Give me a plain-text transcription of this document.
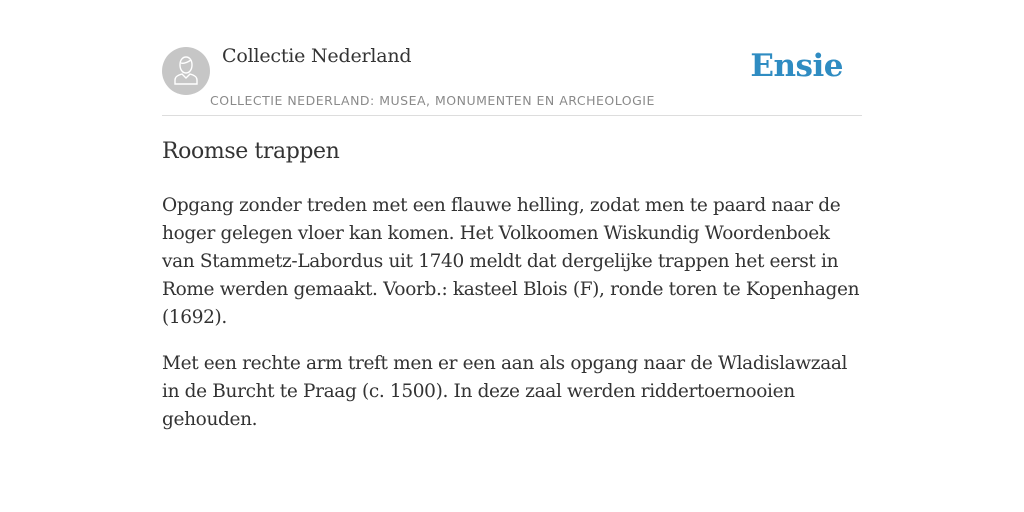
Collectie Nederland
COLLECTIE NEDERLAND: MUSEA, MONUMENTEN EN ARCHEOLOGIE
Ensie
Roomse trappen

Opgang zonder treden met een flauwe helling, zodat men te paard naar de hoger gelegen vloer kan komen. Het Volkoomen Wiskundig Woordenboek van Stammetz-Labordus uit 1740 meldt dat dergelijke trappen het eerst in Rome werden gemaakt. Voorb.: kasteel Blois (F), ronde toren te Kopenhagen (1692).

Met een rechte arm treft men er een aan als opgang naar de Wladislawzaal in de Burcht te Praag (c. 1500). In deze zaal werden riddertoernooien gehouden.
